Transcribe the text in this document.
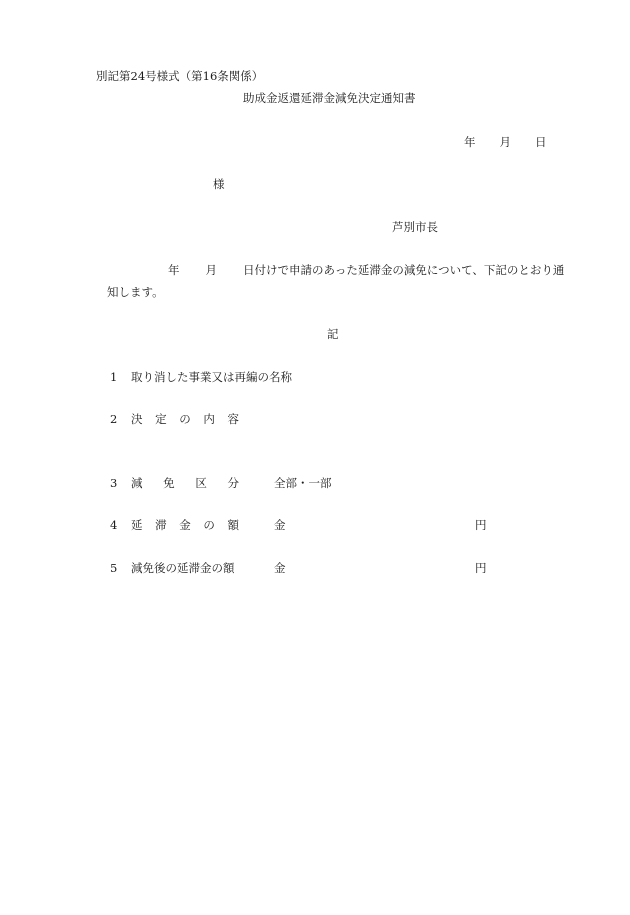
別記第24号様式（第16条関係）
助成金返還延滞金減免決定通知書
年 月 日
様
芦別市長
年 月 日付けで申請のあった延滞金の減免について、下記のとおり通
知します。
記
1 取り消した事業又は再編の名称
2 決 定 の 内 容
3 減 免 区 分	全部・一部
4 延 滞 金 の 額	金	円
5 減免後の延滞金の額	金	円
